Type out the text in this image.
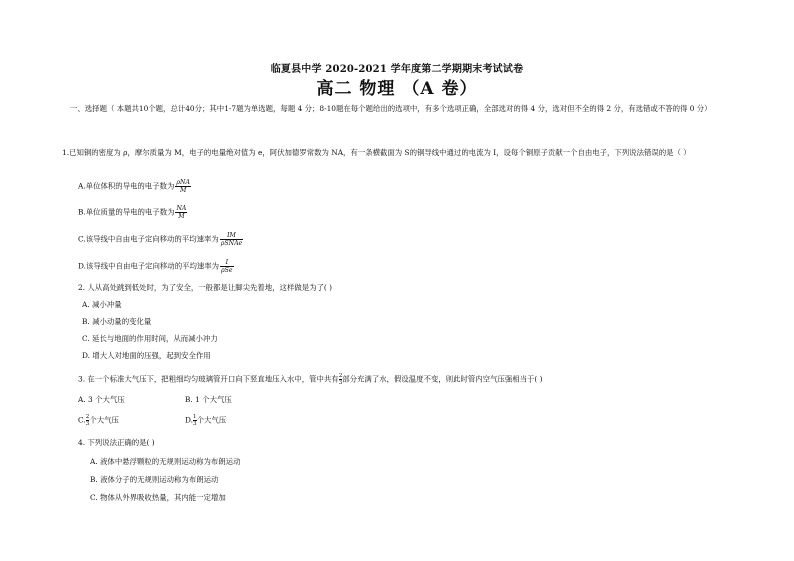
临夏县中学 2020-2021 学年度第二学期期末考试试卷
高二 物理 （A 卷）
一、选择题（ 本题共10个题，总计40分；其中1-7题为单选题，每题 4 分；8-10题在每个题给出的选项中，有多个选项正确，全部选对的得 4 分，选对但不全的得 2 分，有选错或不答的得 0 分）
1.已知铜的密度为 ρ，摩尔质量为 M，电子的电量绝对值为 e，阿伏加德罗常数为 NA，有一条横截面为 S的铜导线中通过的电流为 I，设每个铜原子贡献一个自由电子，下列说法错误的是（ ）
A.单位体积的导电的电子数为 $\frac{\text{ρNA}}{M}$
B.单位质量的导电的电子数为 $\frac{NA}{M}$
C.该导线中自由电子定向移动的平均速率为 $\frac{IM}{\text{ρSNAe}}$
D.该导线中自由电子定向移动的平均速率为 $\frac{I}{\text{ρSe}}$
2. 人从高处跳到低处时，为了安全，一般都是让脚尖先着地，这样做是为了( )
A. 减小冲量
B. 减小动量的变化量
C. 延长与地面的作用时间，从而减小冲力
D. 增大人对地面的压强，起到安全作用
3. 在一个标准大气压下，把粗细均匀玻璃管开口向下竖直地压入水中，管中共有 $\frac{2}{3}$ 部分充满了水，假设温度不变，则此时管内空气压强相当于( )
A. 3 个大气压	B. 1 个大气压
C. $\frac{2}{3}$ 个大气压	D. $\frac{1}{3}$ 个大气压
4. 下列说法正确的是( )
A. 液体中悬浮颗粒的无规则运动称为布朗运动
B. 液体分子的无规则运动称为布朗运动
C. 物体从外界吸收热量，其内能一定增加
